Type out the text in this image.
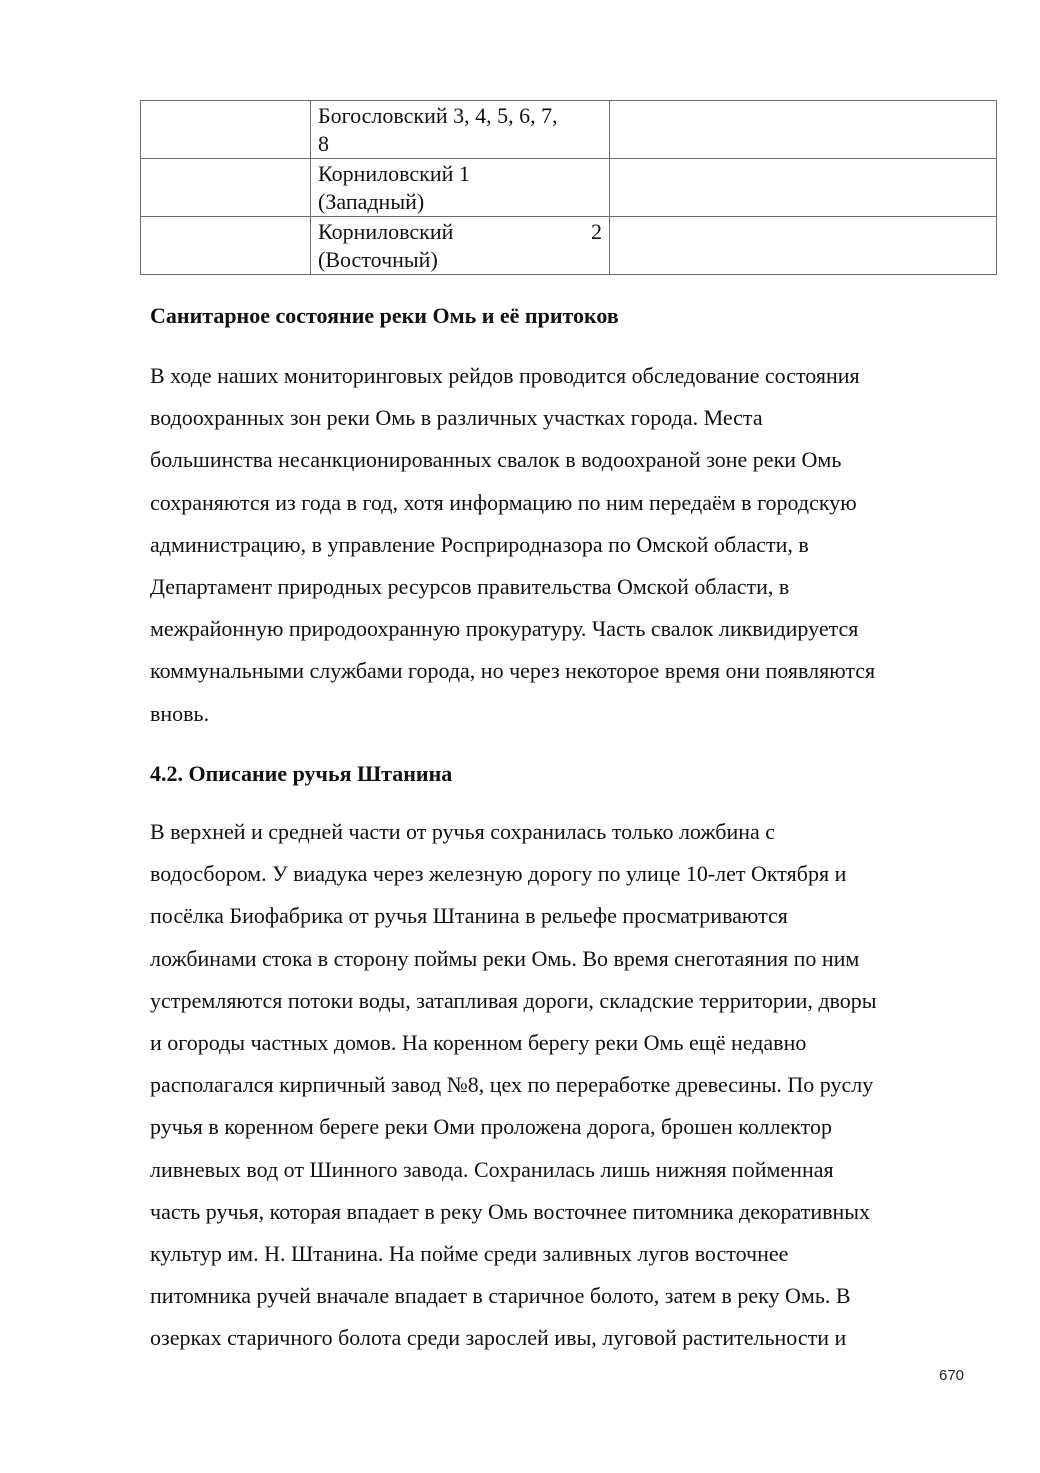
	Богословский 3, 4, 5, 6, 7,
8	

	Корниловский 1
(Западный)	

	Корниловский 2
(Восточный)	

Санитарное состояние реки Омь и её притоков
В ходе наших мониторинговых рейдов проводится обследование состояния
водоохранных зон реки Омь в различных участках города. Места
большинства несанкционированных свалок в водоохраной зоне реки Омь
сохраняются из года в год, хотя информацию по ним передаём в городскую
администрацию, в управление Росприродназора по Омской области, в
Департамент природных ресурсов правительства Омской области, в
межрайонную природоохранную прокуратуру. Часть свалок ликвидируется
коммунальными службами города, но через некоторое время они появляются
вновь.
4.2. Описание ручья Штанина
В верхней и средней части от ручья сохранилась только ложбина с
водосбором. У виадука через железную дорогу по улице 10-лет Октября и
посёлка Биофабрика от ручья Штанина в рельефе просматриваются
ложбинами стока в сторону поймы реки Омь. Во время снеготаяния по ним
устремляются потоки воды, затапливая дороги, складские территории, дворы
и огороды частных домов. На коренном берегу реки Омь ещё недавно
располагался кирпичный завод №8, цех по переработке древесины. По руслу
ручья в коренном береге реки Оми проложена дорога, брошен коллектор
ливневых вод от Шинного завода. Сохранилась лишь нижняя пойменная
часть ручья, которая впадает в реку Омь восточнее питомника декоративных
культур им. Н. Штанина. На пойме среди заливных лугов восточнее
питомника ручей вначале впадает в старичное болото, затем в реку Омь. В
озерках старичного болота среди зарослей ивы, луговой растительности и
670
